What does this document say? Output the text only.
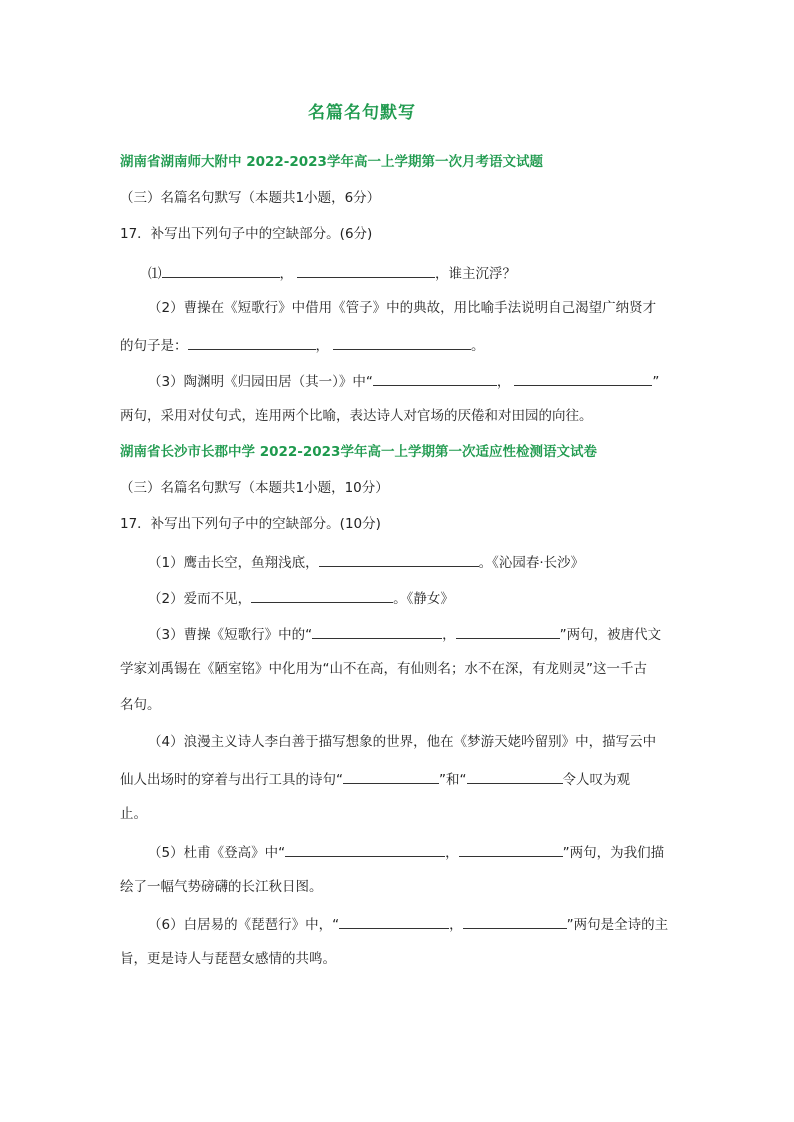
名篇名句默写
湖南省湖南师大附中 2022-2023学年高一上学期第一次月考语文试题
（三）名篇名句默写（本题共1小题，6分）
17．补写出下列句子中的空缺部分。(6分)
⑴	，	，谁主沉浮？
（2）曹操在《短歌行》中借用《管子》中的典故，用比喻手法说明自己渴望广纳贤才
的句子是：	，	。
（3）陶渊明《归园田居（其一）》中“	，	”
两句，采用对仗句式，连用两个比喻，表达诗人对官场的厌倦和对田园的向往。
湖南省长沙市长郡中学 2022-2023学年高一上学期第一次适应性检测语文试卷
（三）名篇名句默写（本题共1小题，10分）
17．补写出下列句子中的空缺部分。(10分)
（1）鹰击长空，鱼翔浅底，	。《沁园春·长沙》
（2）爱而不见，	。《静女》
（3）曹操《短歌行》中的“	，	”两句，被唐代文
学家刘禹锡在《陋室铭》中化用为“山不在高，有仙则名；水不在深，有龙则灵”这一千古
名句。
（4）浪漫主义诗人李白善于描写想象的世界，他在《梦游天姥吟留别》中，描写云中
仙人出场时的穿着与出行工具的诗句“	”和“	令人叹为观
止。
（5）杜甫《登高》中“	，	”两句，为我们描
绘了一幅气势磅礴的长江秋日图。
（6）白居易的《琵琶行》中，“	，	”两句是全诗的主
旨，更是诗人与琵琶女感情的共鸣。
